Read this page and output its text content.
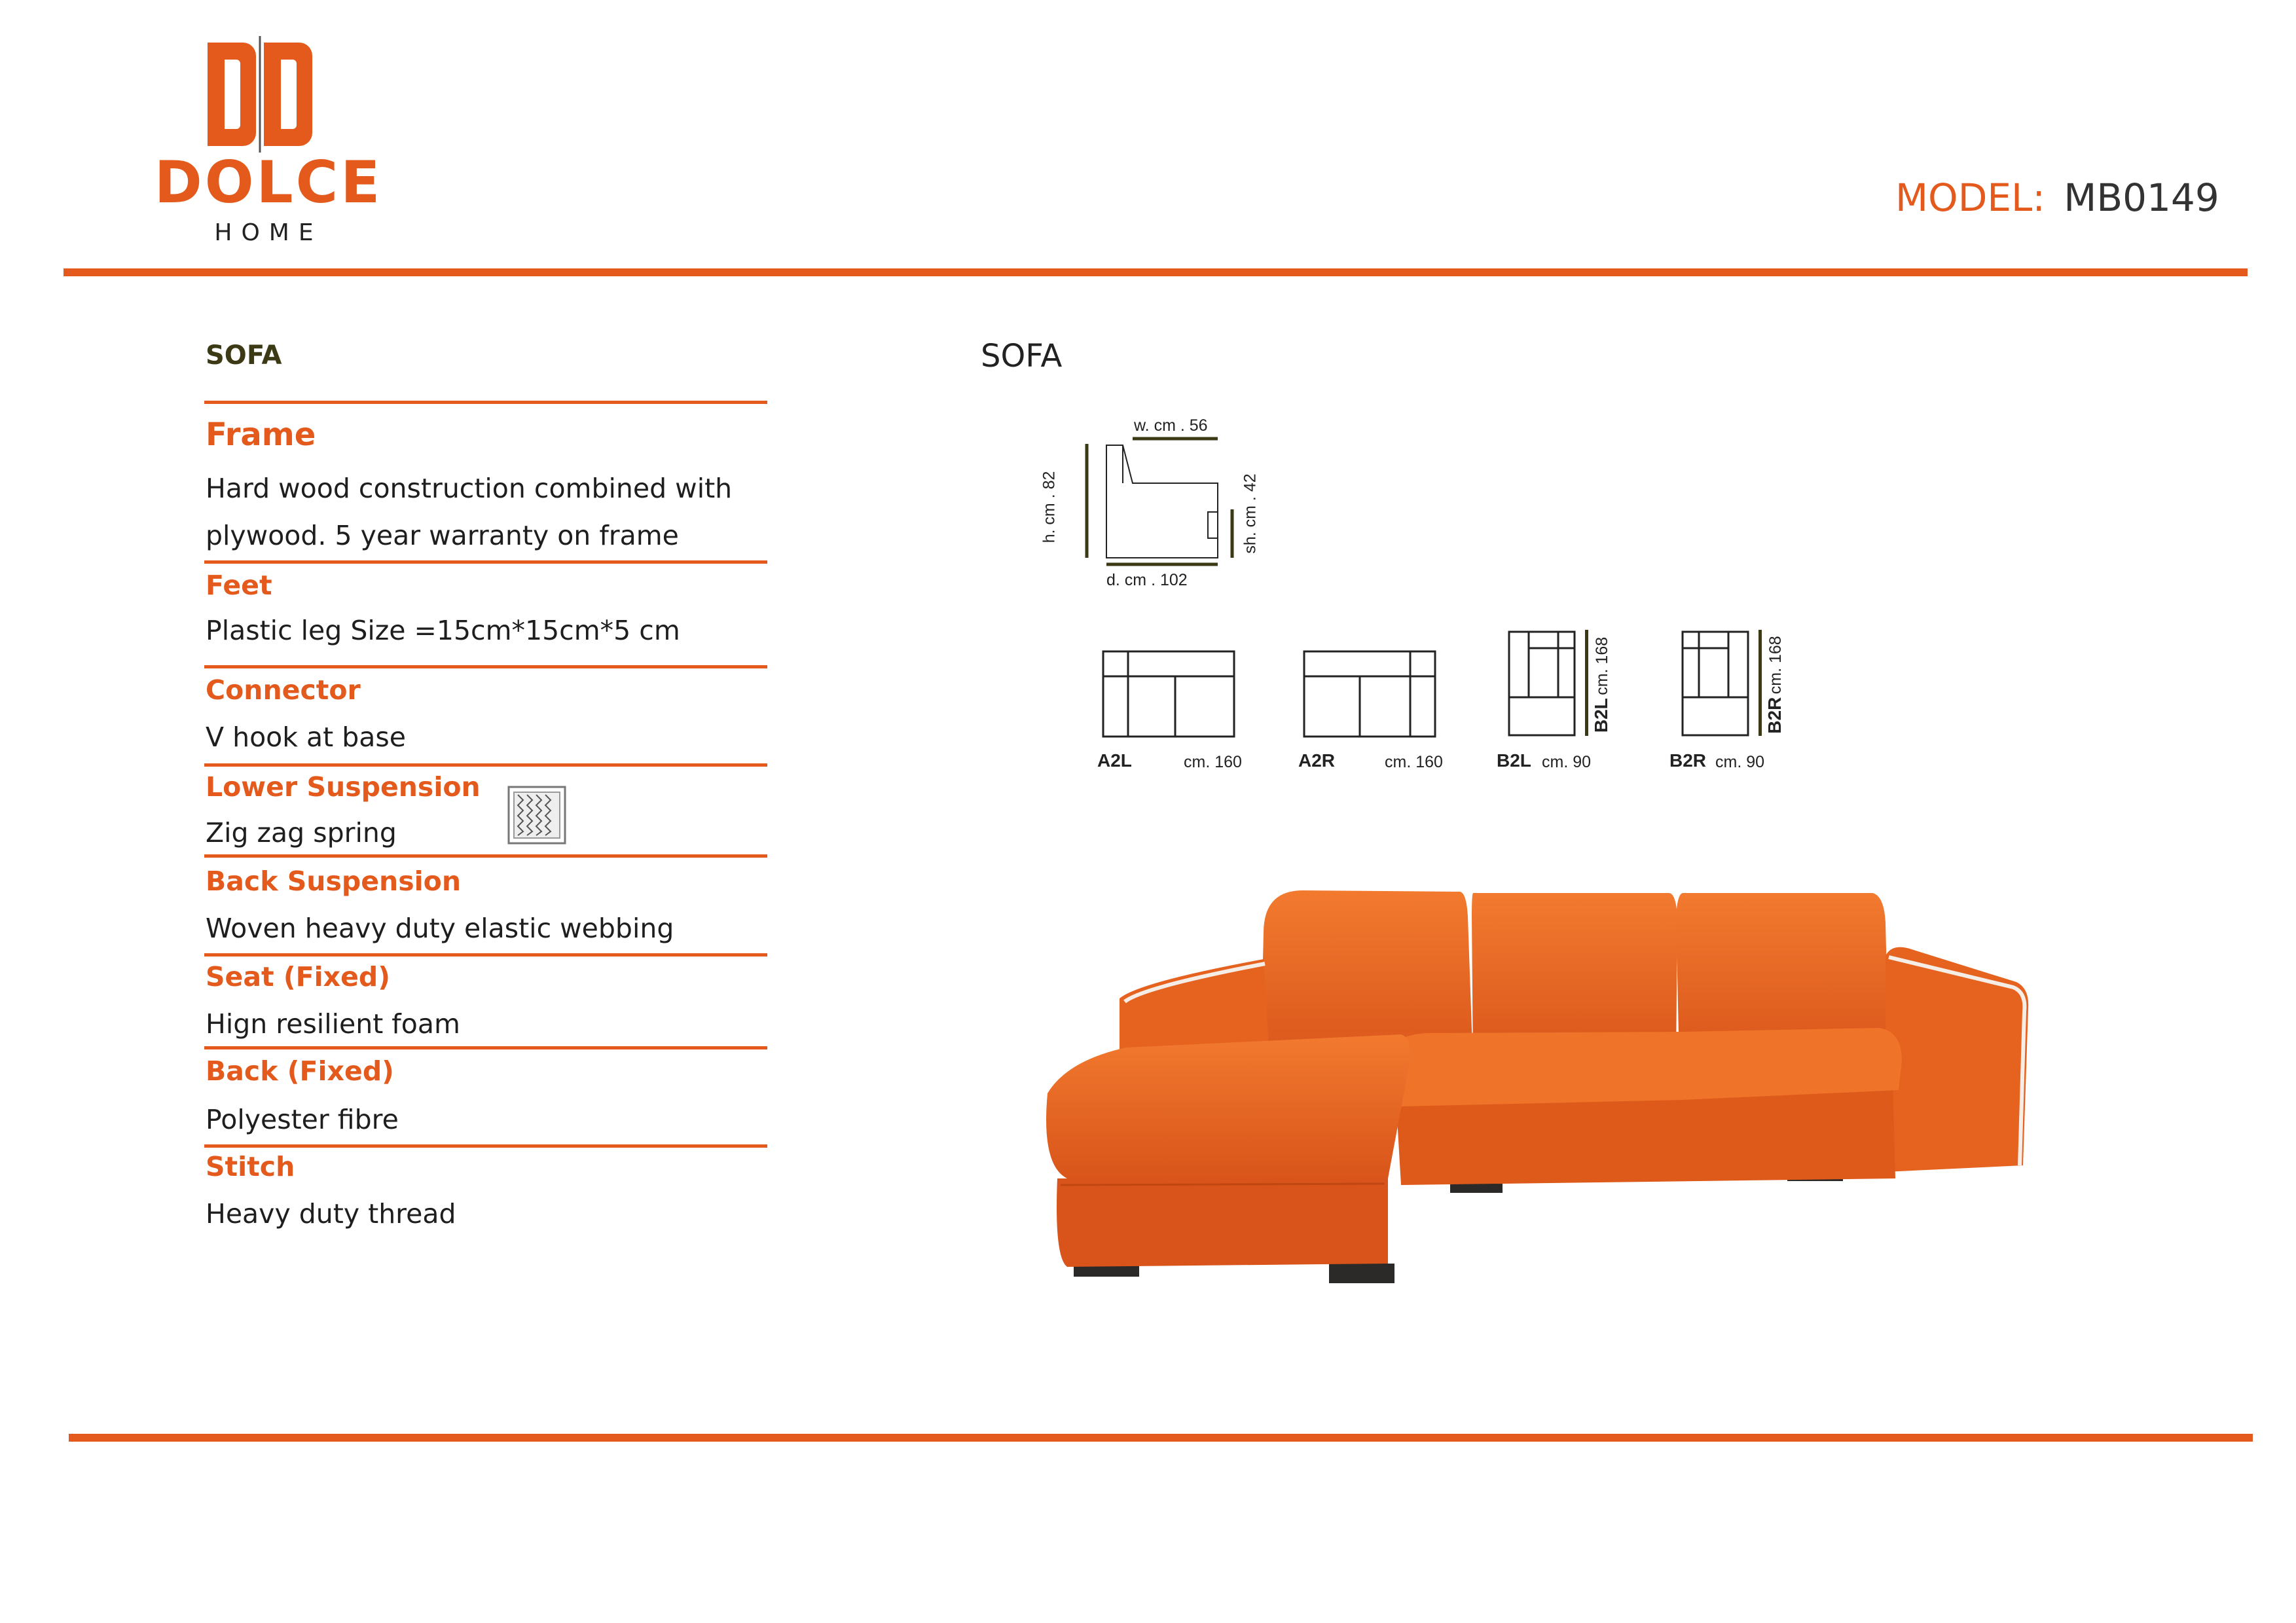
DOLCE
HOME
MODEL: MB0149
SOFA
Frame
Hard wood construction combined with
plywood. 5 year warranty on frame
Feet
Plastic leg Size =15cm*15cm*5 cm
Connector
V hook at base
Lower Suspension
Zig zag spring
Back Suspension
Woven heavy duty elastic webbing
Seat (Fixed)
Hign resilient foam
Back (Fixed)
Polyester fibre
Stitch
Heavy duty thread
SOFA
w. cm . 56
d. cm . 102
h. cm . 82	sh. cm . 42
A2L	cm. 160	A2R	cm. 160	B2L cm. 90	B2R cm. 90
B2L cm. 168
B2R cm. 168
